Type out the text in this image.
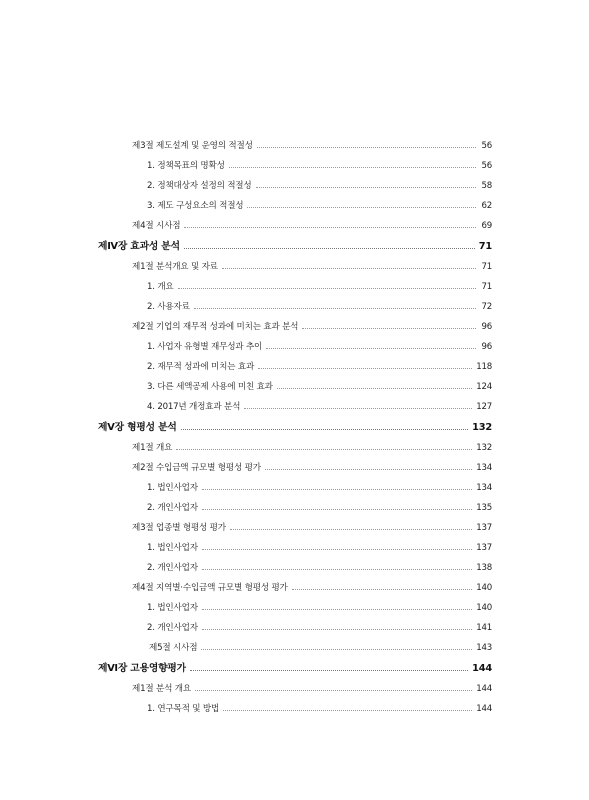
제3절 제도설계 및 운영의 적절성	56
1. 정책목표의 명확성	56
2. 정책대상자 설정의 적절성	58
3. 제도 구성요소의 적절성	62
제4절 시사점	69
제Ⅳ장 효과성 분석	71
제1절 분석개요 및 자료	71
1. 개요	71
2. 사용자료	72
제2절 기업의 재무적 성과에 미치는 효과 분석	96
1. 사업자 유형별 재무성과 추이	96
2. 재무적 성과에 미치는 효과	118
3. 다른 세액공제 사용에 미친 효과	124
4. 2017년 개정효과 분석	127
제Ⅴ장 형평성 분석	132
제1절 개요	132
제2절 수입금액 규모별 형평성 평가	134
1. 법인사업자	134
2. 개인사업자	135
제3절 업종별 형평성 평가	137
1. 법인사업자	137
2. 개인사업자	138
제4절 지역별·수입금액 규모별 형평성 평가	140
1. 법인사업자	140
2. 개인사업자	141
제5절 시사점	143
제Ⅵ장 고용영향평가	144
제1절 분석 개요	144
1. 연구목적 및 방법	144
